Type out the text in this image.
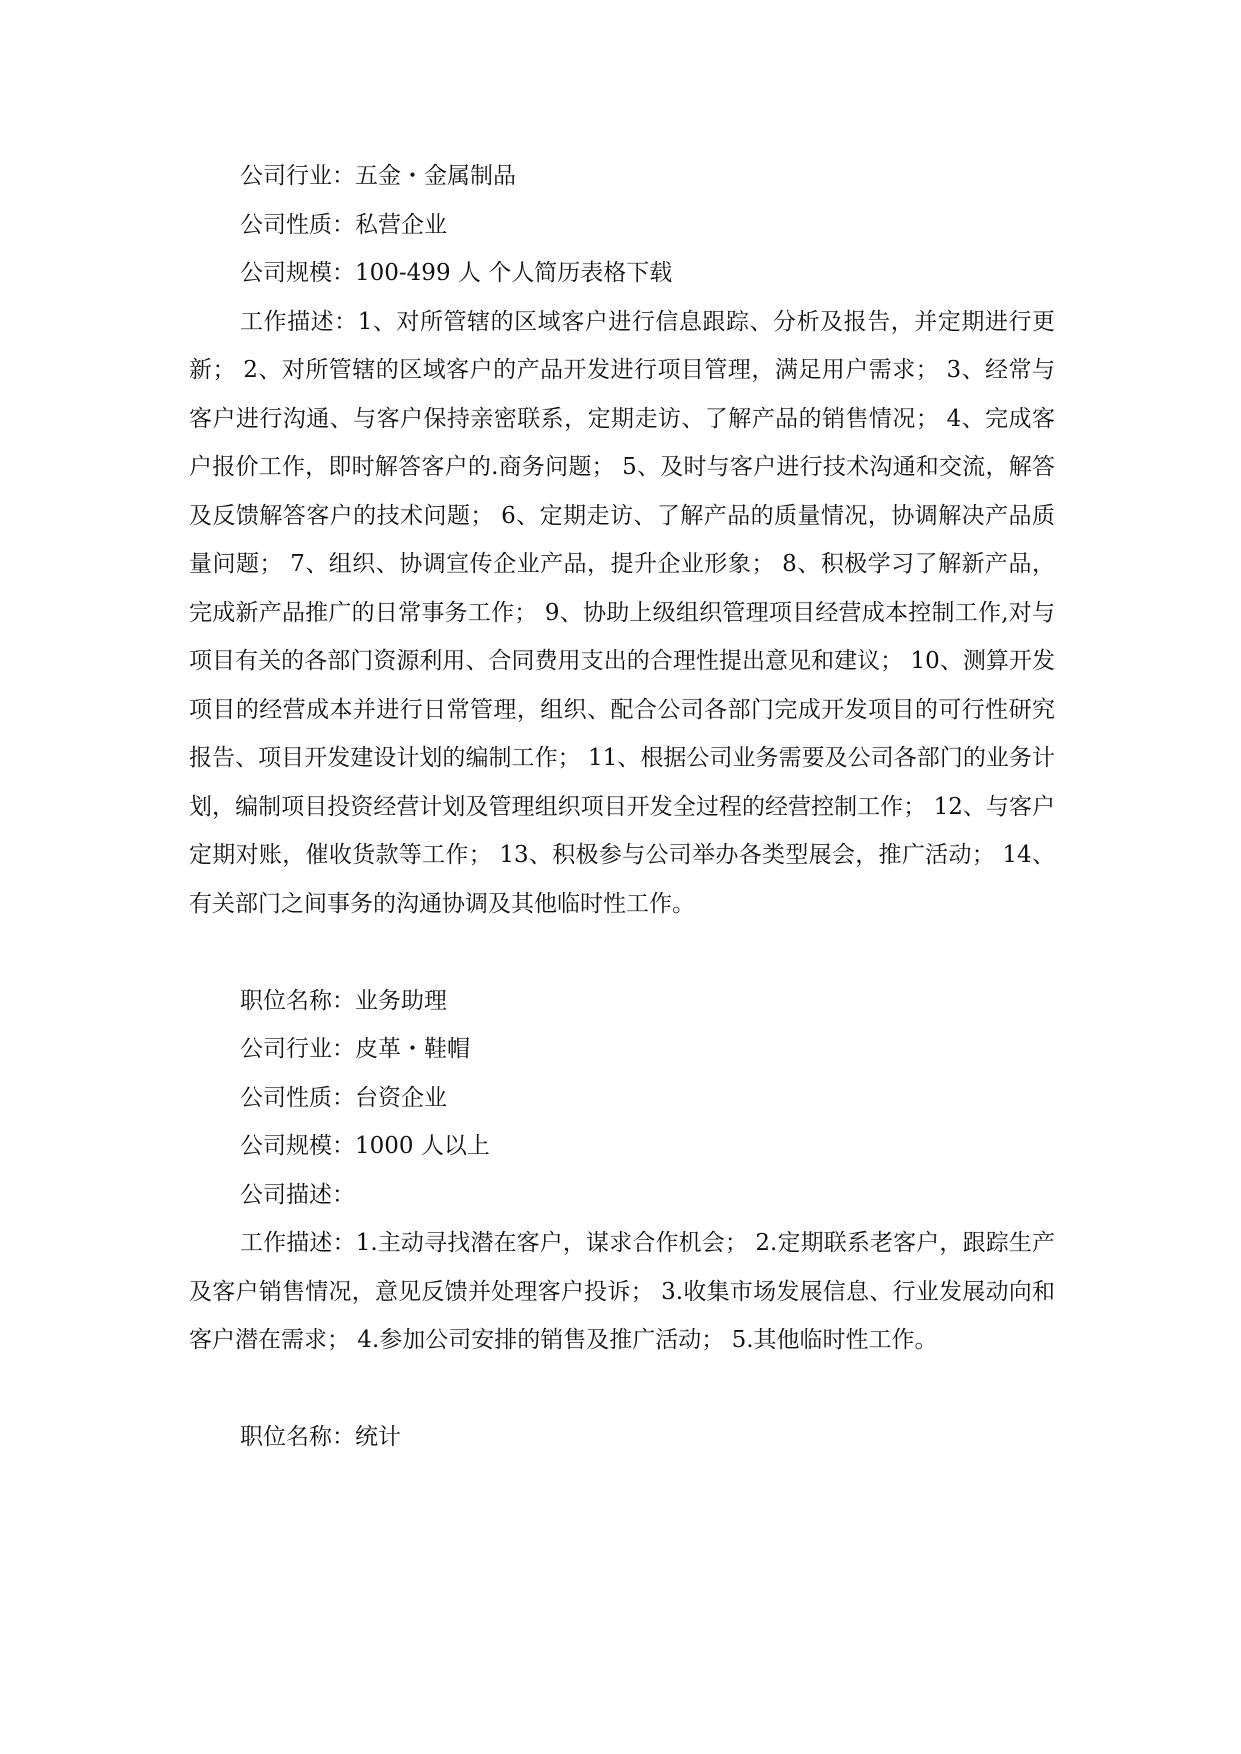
公司行业：五金・金属制品

公司性质：私营企业

公司规模：100-499 人 个人简历表格下载

工作描述：1、对所管辖的区域客户进行信息跟踪、分析及报告，并定期进行更新； 2、对所管辖的区域客户的产品开发进行项目管理，满足用户需求； 3、经常与客户进行沟通、与客户保持亲密联系，定期走访、了解产品的销售情况； 4、完成客户报价工作，即时解答客户的.商务问题； 5、及时与客户进行技术沟通和交流，解答及反馈解答客户的技术问题； 6、定期走访、了解产品的质量情况，协调解决产品质量问题； 7、组织、协调宣传企业产品，提升企业形象； 8、积极学习了解新产品，完成新产品推广的日常事务工作； 9、协助上级组织管理项目经营成本控制工作,对与项目有关的各部门资源利用、合同费用支出的合理性提出意见和建议； 10、测算开发项目的经营成本并进行日常管理，组织、配合公司各部门完成开发项目的可行性研究报告、项目开发建设计划的编制工作； 11、根据公司业务需要及公司各部门的业务计划，编制项目投资经营计划及管理组织项目开发全过程的经营控制工作； 12、与客户定期对账，催收货款等工作； 13、积极参与公司举办各类型展会，推广活动； 14、有关部门之间事务的沟通协调及其他临时性工作。

职位名称：业务助理

公司行业：皮革・鞋帽

公司性质：台资企业

公司规模：1000 人以上

公司描述：

工作描述：1.主动寻找潜在客户，谋求合作机会； 2.定期联系老客户，跟踪生产及客户销售情况，意见反馈并处理客户投诉； 3.收集市场发展信息、行业发展动向和客户潜在需求； 4.参加公司安排的销售及推广活动； 5.其他临时性工作。

职位名称：统计
